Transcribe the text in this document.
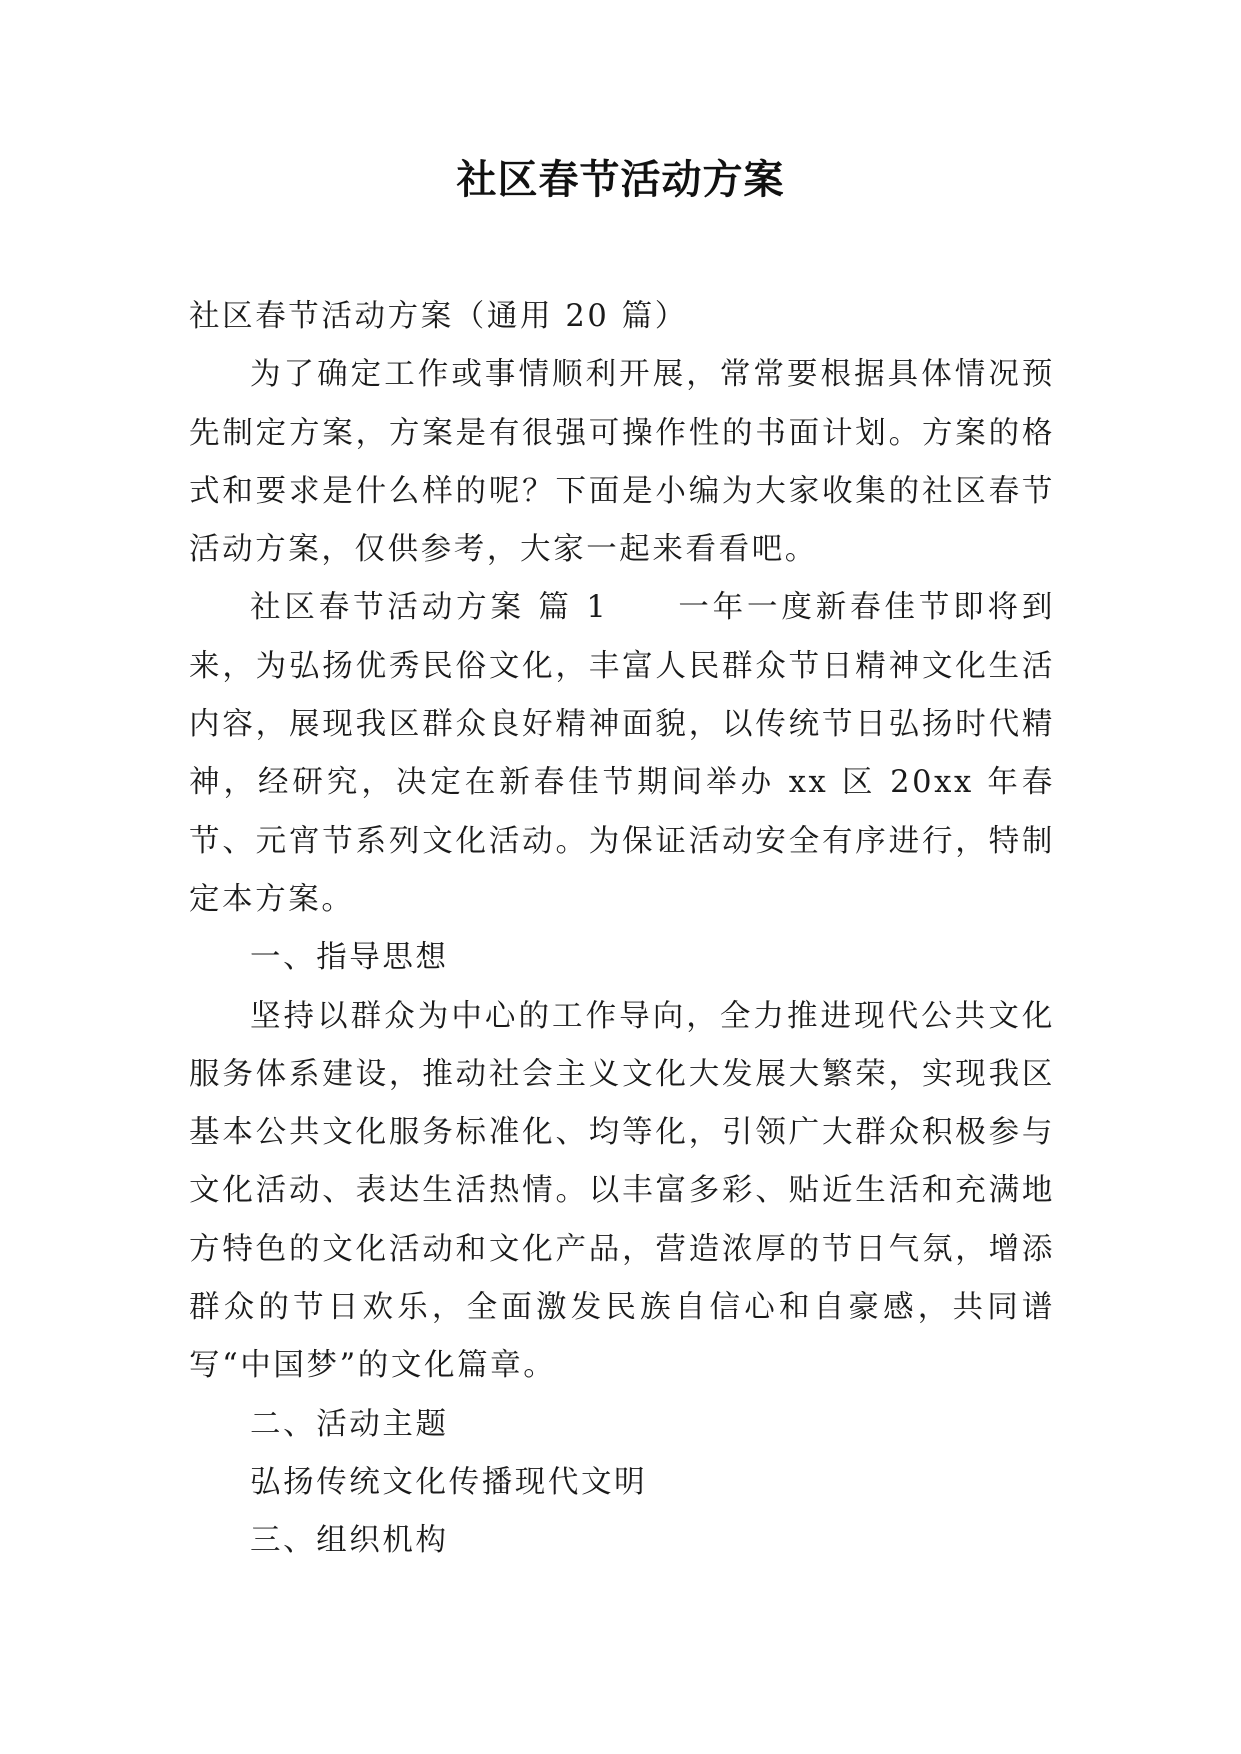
社区春节活动方案

社区春节活动方案（通用 20 篇）

为了确定工作或事情顺利开展，常常要根据具体情况预先制定方案，方案是有很强可操作性的书面计划。方案的格式和要求是什么样的呢？下面是小编为大家收集的社区春节活动方案，仅供参考，大家一起来看看吧。

社区春节活动方案 篇 1　　一年一度新春佳节即将到来，为弘扬优秀民俗文化，丰富人民群众节日精神文化生活内容，展现我区群众良好精神面貌，以传统节日弘扬时代精神，经研究，决定在新春佳节期间举办 xx 区 20xx 年春节、元宵节系列文化活动。为保证活动安全有序进行，特制定本方案。

一、指导思想

坚持以群众为中心的工作导向，全力推进现代公共文化服务体系建设，推动社会主义文化大发展大繁荣，实现我区基本公共文化服务标准化、均等化，引领广大群众积极参与文化活动、表达生活热情。以丰富多彩、贴近生活和充满地方特色的文化活动和文化产品，营造浓厚的节日气氛，增添群众的节日欢乐，全面激发民族自信心和自豪感，共同谱写“中国梦”的文化篇章。

二、活动主题

弘扬传统文化传播现代文明

三、组织机构
